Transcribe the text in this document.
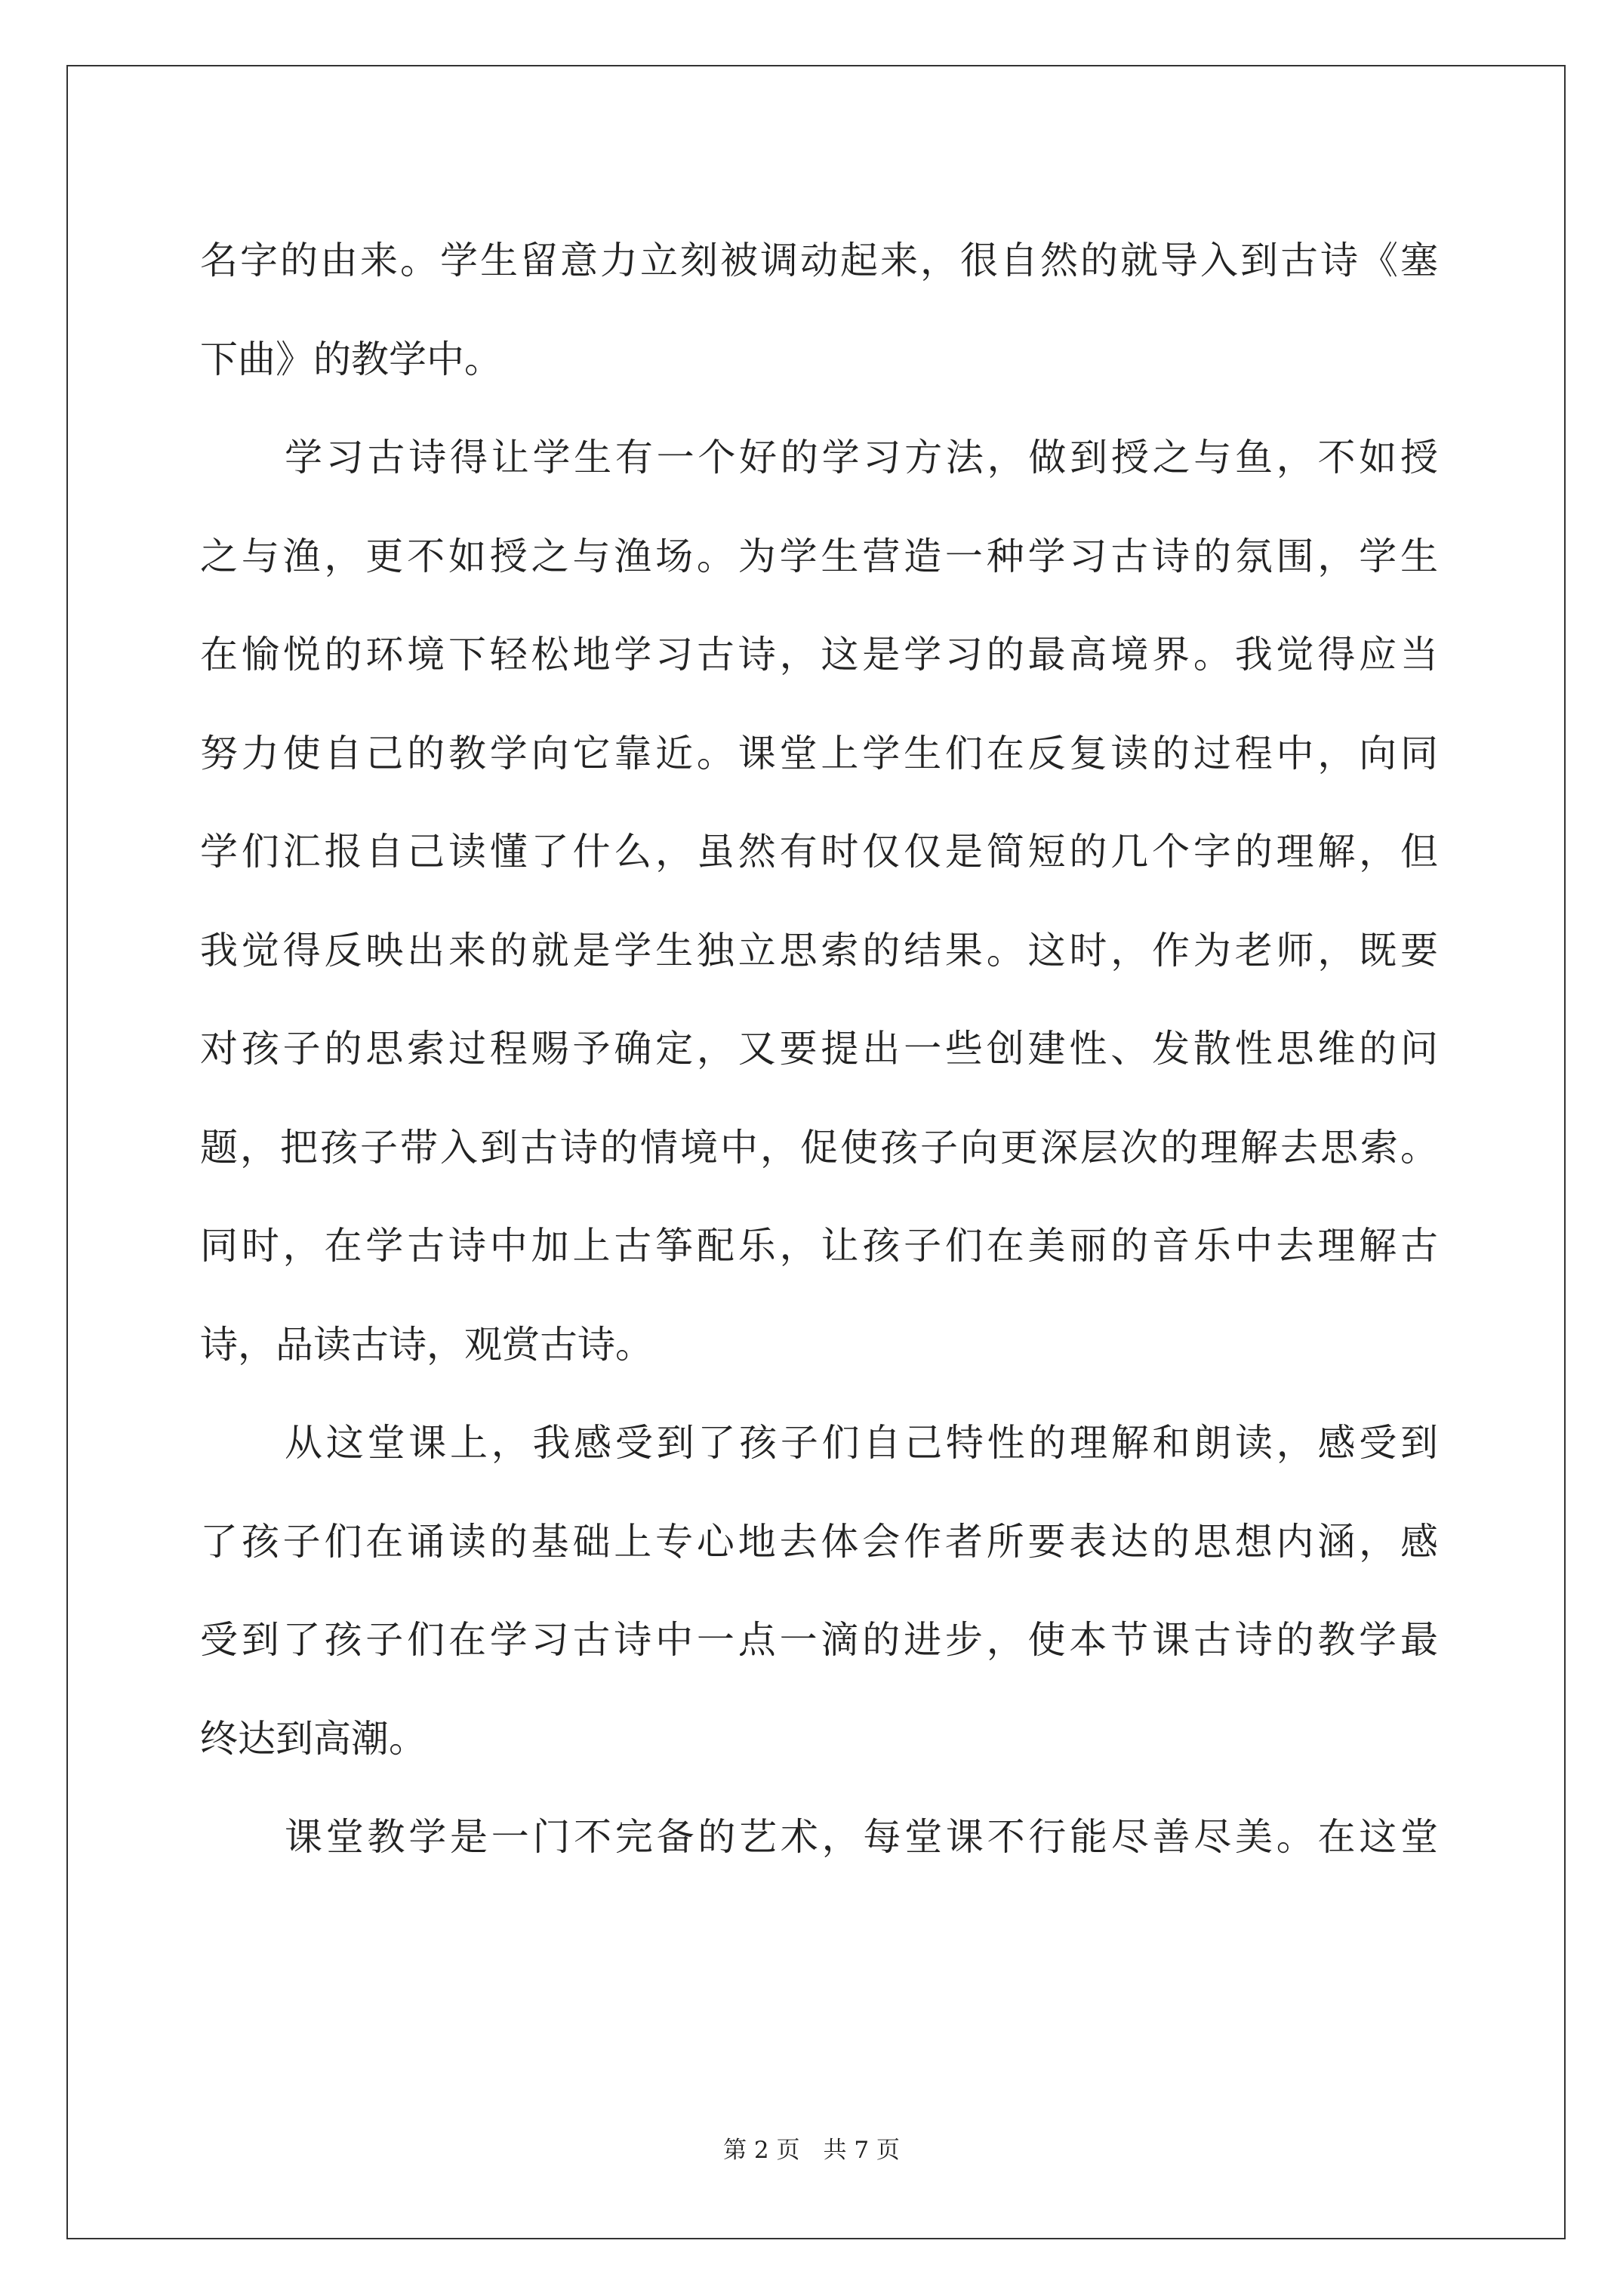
名字的由来。学生留意力立刻被调动起来，很自然的就导入到古诗《塞
下曲》的教学中。
学习古诗得让学生有一个好的学习方法，做到授之与鱼，不如授
之与渔，更不如授之与渔场。为学生营造一种学习古诗的氛围，学生
在愉悦的环境下轻松地学习古诗，这是学习的最高境界。我觉得应当
努力使自己的教学向它靠近。课堂上学生们在反复读的过程中，向同
学们汇报自己读懂了什么，虽然有时仅仅是简短的几个字的理解，但
我觉得反映出来的就是学生独立思索的结果。这时，作为老师，既要
对孩子的思索过程赐予确定，又要提出一些创建性、发散性思维的问
题，把孩子带入到古诗的情境中，促使孩子向更深层次的理解去思索。
同时，在学古诗中加上古筝配乐，让孩子们在美丽的音乐中去理解古
诗，品读古诗，观赏古诗。
从这堂课上，我感受到了孩子们自己特性的理解和朗读，感受到
了孩子们在诵读的基础上专心地去体会作者所要表达的思想内涵，感
受到了孩子们在学习古诗中一点一滴的进步，使本节课古诗的教学最
终达到高潮。
课堂教学是一门不完备的艺术，每堂课不行能尽善尽美。在这堂
第 2 页　共 7 页
